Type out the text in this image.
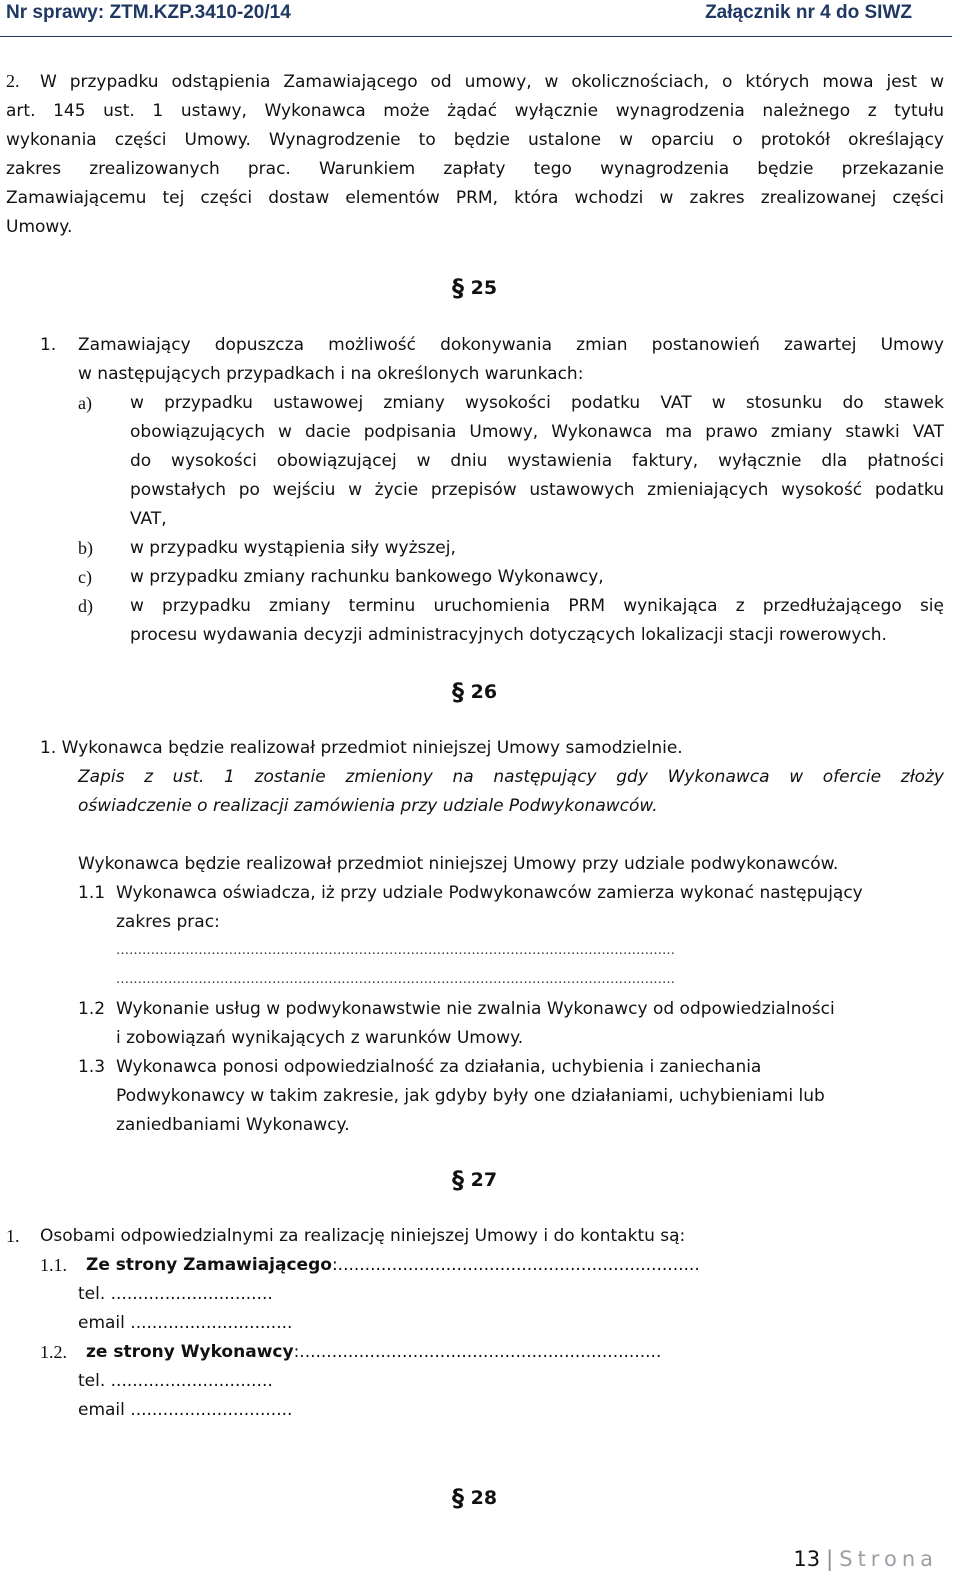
Nr sprawy: ZTM.KZP.3410-20/14	Załącznik nr 4 do SIWZ
2. W przypadku odstąpienia Zamawiającego od umowy, w okolicznościach, o których mowa jest w
art. 145 ust. 1 ustawy, Wykonawca może żądać wyłącznie wynagrodzenia należnego z tytułu
wykonania części Umowy. Wynagrodzenie to będzie ustalone w oparciu o protokół określający
zakres zrealizowanych prac. Warunkiem zapłaty tego wynagrodzenia będzie przekazanie
Zamawiającemu tej części dostaw elementów PRM, która wchodzi w zakres zrealizowanej części
Umowy.
§ 25
1.	Zamawiający dopuszcza możliwość dokonywania zmian postanowień zawartej Umowy
w następujących przypadkach i na określonych warunkach:
a) w przypadku ustawowej zmiany wysokości podatku VAT w stosunku do stawek
obowiązujących w dacie podpisania Umowy, Wykonawca ma prawo zmiany stawki VAT
do wysokości obowiązującej w dniu wystawienia faktury, wyłącznie dla płatności
powstałych po wejściu w życie przepisów ustawowych zmieniających wysokość podatku
VAT,
b) w przypadku wystąpienia siły wyższej,
c) w przypadku zmiany rachunku bankowego Wykonawcy,
d) w przypadku zmiany terminu uruchomienia PRM wynikająca z przedłużającego się
procesu wydawania decyzji administracyjnych dotyczących lokalizacji stacji rowerowych.
§ 26
1. Wykonawca będzie realizował przedmiot niniejszej Umowy samodzielnie.
Zapis z ust. 1 zostanie zmieniony na następujący gdy Wykonawca w ofercie złoży
oświadczenie o realizacji zamówienia przy udziale Podwykonawców.
Wykonawca będzie realizował przedmiot niniejszej Umowy przy udziale podwykonawców.
1.1 Wykonawca oświadcza, iż przy udziale Podwykonawców zamierza wykonać następujący
zakres prac:
…………………………………………………………………………………………………………………
…………………………………………………………………………………………………………………
1.2 Wykonanie usług w podwykonawstwie nie zwalnia Wykonawcy od odpowiedzialności
i zobowiązań wynikających z warunków Umowy.
1.3 Wykonawca ponosi odpowiedzialność za działania, uchybienia i zaniechania
Podwykonawcy w takim zakresie, jak gdyby były one działaniami, uchybieniami lub
zaniedbaniami Wykonawcy.
§ 27
1. Osobami odpowiedzialnymi za realizację niniejszej Umowy i do kontaktu są:
1.1. Ze strony Zamawiającego:...................................................................
tel. ..............................
email ..............................
1.2. ze strony Wykonawcy:...................................................................
tel. ..............................
email ..............................
§ 28
13 | Strona
